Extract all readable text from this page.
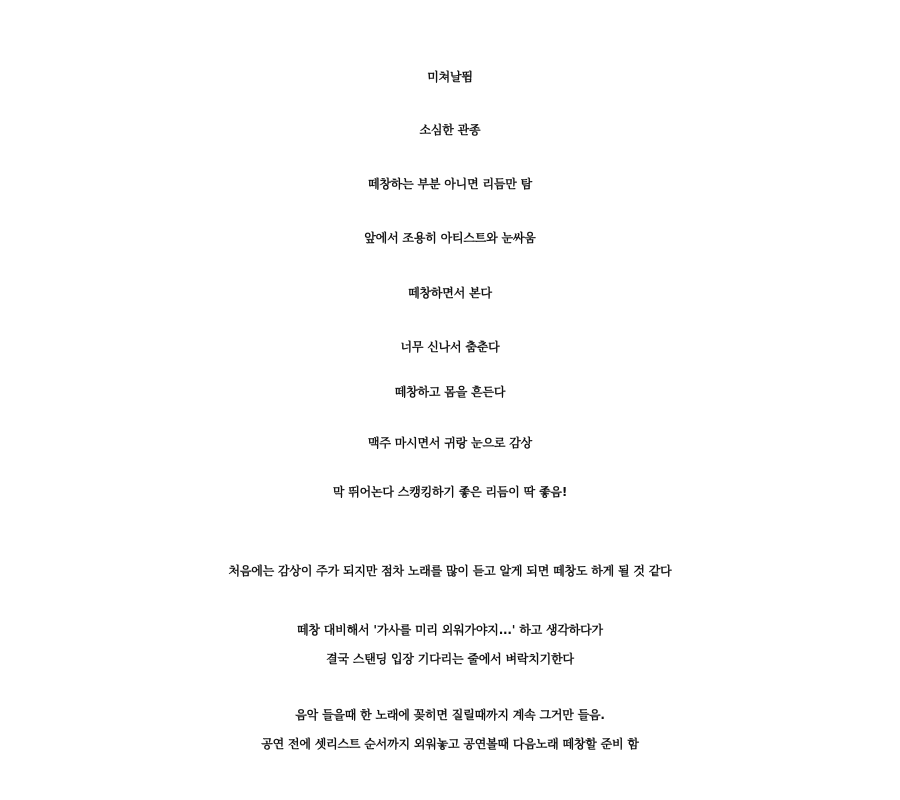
미쳐날뜀
소심한 관종
떼창하는 부분 아니면 리듬만 탐
앞에서 조용히 아티스트와 눈싸움
떼창하면서 본다
너무 신나서 춤춘다
떼창하고 몸을 흔든다
맥주 마시면서 귀랑 눈으로 감상
막 뛰어논다 스캥킹하기 좋은 리듬이 딱 좋음!
처음에는 감상이 주가 되지만 점차 노래를 많이 듣고 알게 되면 떼창도 하게 될 것 같다
떼창 대비해서 '가사를 미리 외워가야지...' 하고 생각하다가
결국 스탠딩 입장 기다리는 줄에서 벼락치기한다
음악 들을때 한 노래에 꽂히면 질릴때까지 계속 그거만 들음.
공연 전에 셋리스트 순서까지 외워놓고 공연볼때 다음노래 떼창할 준비 함
